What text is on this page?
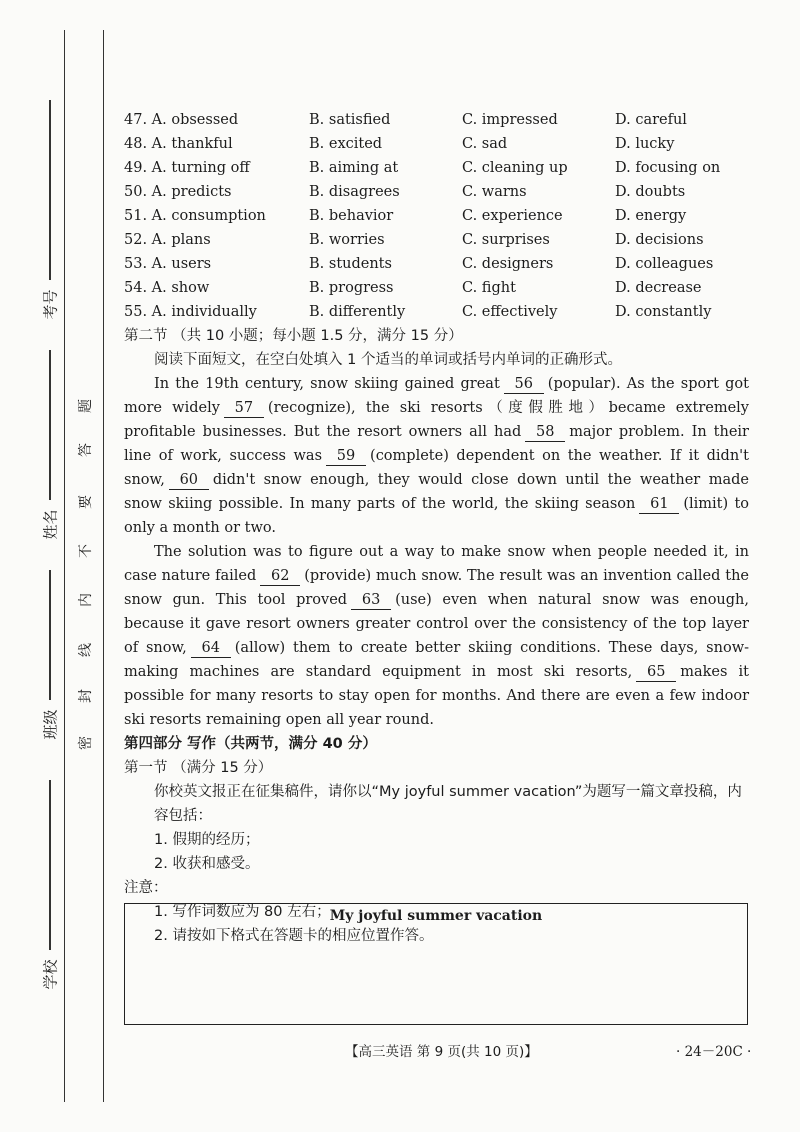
考号
姓名
班级
学校
题
答
要
不
内
线
封
密
47. A. obsessed	B. satisfied	C. impressed	D. careful
48. A. thankful	B. excited	C. sad	D. lucky
49. A. turning off	B. aiming at	C. cleaning up	D. focusing on
50. A. predicts	B. disagrees	C. warns	D. doubts
51. A. consumption	B. behavior	C. experience	D. energy
52. A. plans	B. worries	C. surprises	D. decisions
53. A. users	B. students	C. designers	D. colleagues
54. A. show	B. progress	C. fight	D. decrease
55. A. individually	B. differently	C. effectively	D. constantly
第二节 （共 10 小题；每小题 1.5 分，满分 15 分）
阅读下面短文，在空白处填入 1 个适当的单词或括号内单词的正确形式。

In the 19th century, snow skiing gained great 56 (popular). As the sport got more widely 57 (recognize), the ski resorts（度假胜地）became extremely profitable businesses. But the resort owners all had 58 major problem. In their line of work, success was 59 (complete) dependent on the weather. If it didn't snow, 60 didn't snow enough, they would close down until the weather made snow skiing possible. In many parts of the world, the skiing season 61 (limit) to only a month or two.

The solution was to figure out a way to make snow when people needed it, in case nature failed 62 (provide) much snow. The result was an invention called the snow gun. This tool proved 63 (use) even when natural snow was enough, because it gave resort owners greater control over the consistency of the top layer of snow, 64 (allow) them to create better skiing conditions. These days, snow-making machines are standard equipment in most ski resorts, 65 makes it possible for many resorts to stay open for months. And there are even a few indoor ski resorts remaining open all year round.

第四部分 写作（共两节，满分 40 分）
第一节 （满分 15 分）
你校英文报正在征集稿件，请你以“My joyful summer vacation”为题写一篇文章投稿，内容包括：
1. 假期的经历；
2. 收获和感受。
注意：
1. 写作词数应为 80 左右；
2. 请按如下格式在答题卡的相应位置作答。
My joyful summer vacation
【高三英语 第 9 页(共 10 页)】	· 24－20C ·
